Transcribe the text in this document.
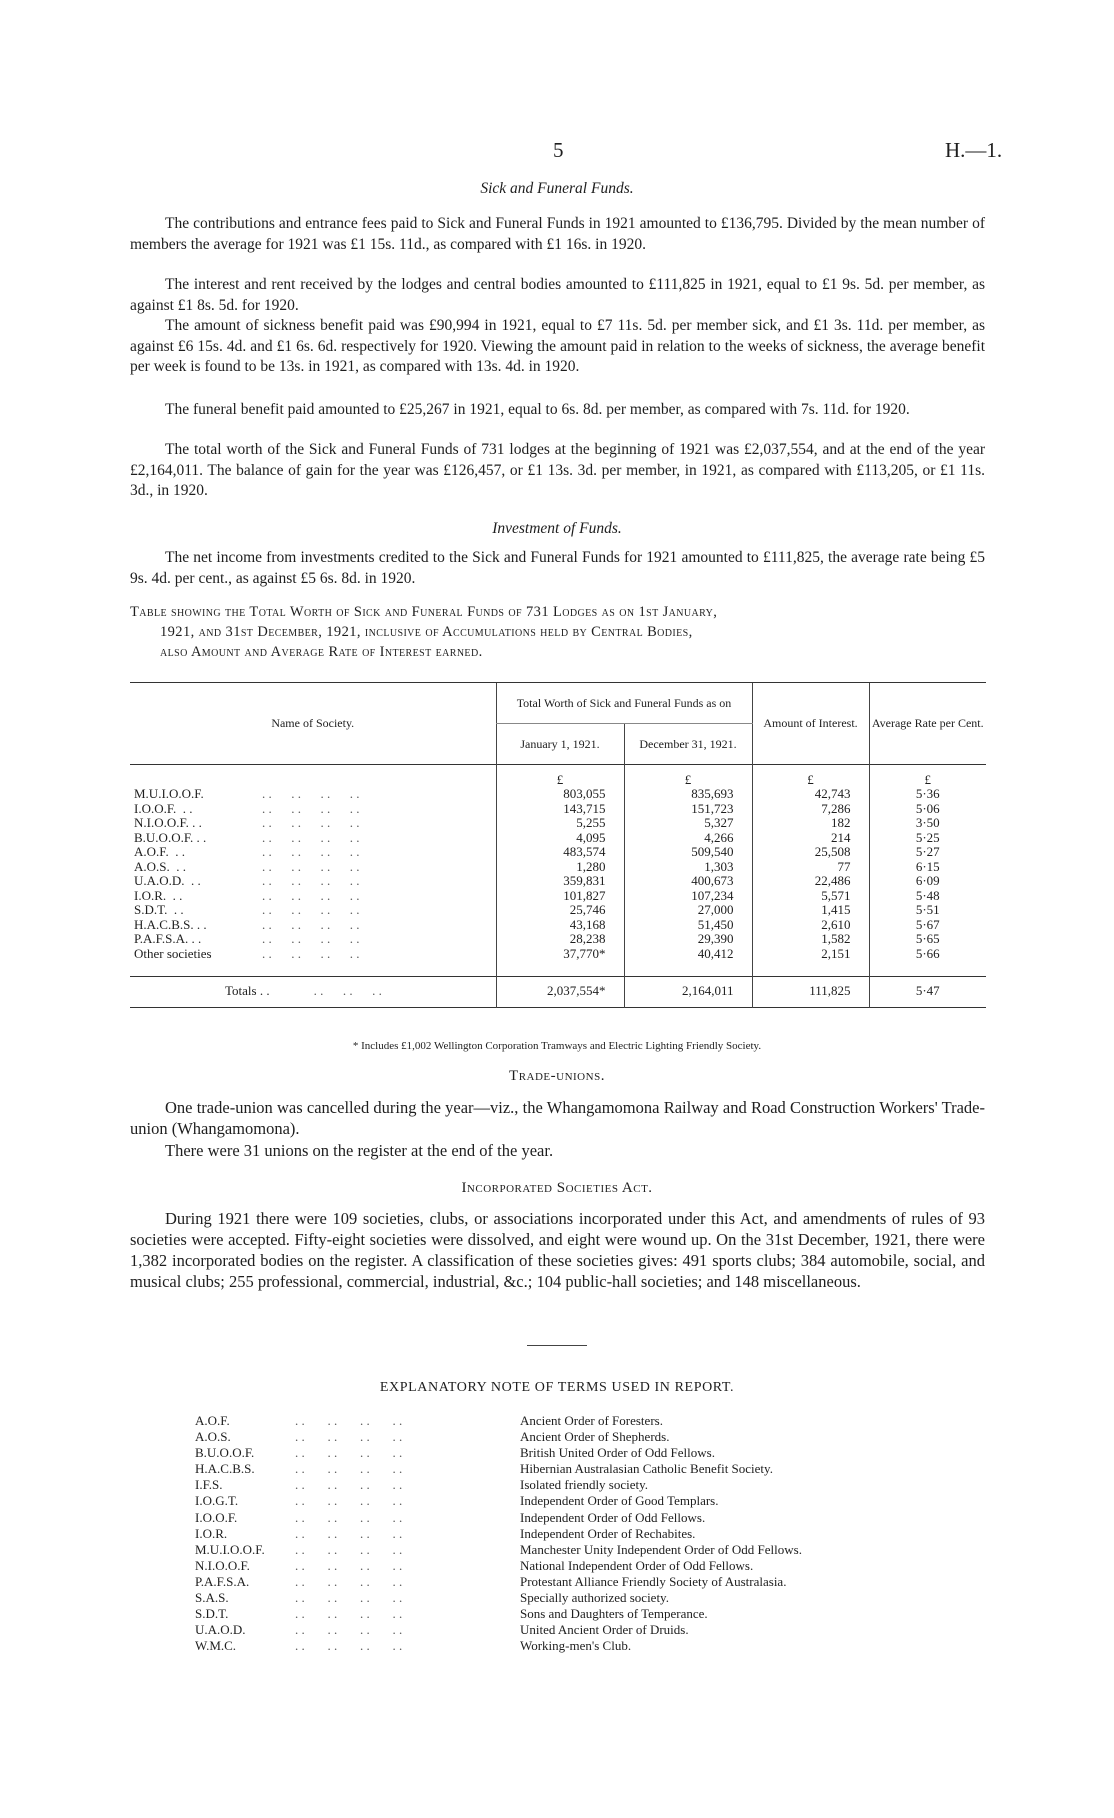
5	H.—1.
Sick and Funeral Funds.

The contributions and entrance fees paid to Sick and Funeral Funds in 1921 amounted to £136,795. Divided by the mean number of members the average for 1921 was £1 15s. 11d., as compared with £1 16s. in 1920.

The interest and rent received by the lodges and central bodies amounted to £111,825 in 1921, equal to £1 9s. 5d. per member, as against £1 8s. 5d. for 1920.

The amount of sickness benefit paid was £90,994 in 1921, equal to £7 11s. 5d. per member sick, and £1 3s. 11d. per member, as against £6 15s. 4d. and £1 6s. 6d. respectively for 1920. Viewing the amount paid in relation to the weeks of sickness, the average benefit per week is found to be 13s. in 1921, as compared with 13s. 4d. in 1920.

The funeral benefit paid amounted to £25,267 in 1921, equal to 6s. 8d. per member, as compared with 7s. 11d. for 1920.

The total worth of the Sick and Funeral Funds of 731 lodges at the beginning of 1921 was £2,037,554, and at the end of the year £2,164,011. The balance of gain for the year was £126,457, or £1 13s. 3d. per member, in 1921, as compared with £113,205, or £1 11s. 3d., in 1920.

Investment of Funds.

The net income from investments credited to the Sick and Funeral Funds for 1921 amounted to £111,825, the average rate being £5 9s. 4d. per cent., as against £5 6s. 8d. in 1920.

Table showing the Total Worth of Sick and Funeral Funds of 731 Lodges as on 1st January,
1921, and 31st December, 1921, inclusive of Accumulations held by Central Bodies,
also Amount and Average Rate of Interest earned.
Name of Society.	Total Worth of Sick and Funeral Funds as on		Amount of Interest.	Average Rate per Cent.
	January 1, 1921.	December 31, 1921.		
	£	£	£	£
M.U.I.O.O.F. . .      . .      . .      . .	803,055	835,693	42,743	5·36
I.O.O.F.  . . . .      . .      . .      . .	143,715	151,723	7,286	5·06
N.I.O.O.F. . . . .      . .      . .      . .	5,255	5,327	182	3·50
B.U.O.O.F. . . . .      . .      . .      . .	4,095	4,266	214	5·25
A.O.F.  . . . .      . .      . .      . .	483,574	509,540	25,508	5·27
A.O.S.  . . . .      . .      . .      . .	1,280	1,303	77	6·15
U.A.O.D.  . . . .      . .      . .      . .	359,831	400,673	22,486	6·09
I.O.R.  . . . .      . .      . .      . .	101,827	107,234	5,571	5·48
S.D.T.  . . . .      . .      . .      . .	25,746	27,000	1,415	5·51
H.A.C.B.S. . . . .      . .      . .      . .	43,168	51,450	2,610	5·67
P.A.F.S.A. . . . .      . .      . .      . .	28,238	29,390	1,582	5·65
Other societies . .      . .      . .      . .	37,770*	40,412	2,151	5·66

Totals . . . .      . .      . .	2,037,554*	2,164,011	111,825	5·47

* Includes £1,002 Wellington Corporation Tramways and Electric Lighting Friendly Society.
Trade-unions.

One trade-union was cancelled during the year—viz., the Whangamomona Railway and Road Construction Workers' Trade-union (Whangamomona).

There were 31 unions on the register at the end of the year.

Incorporated Societies Act.

During 1921 there were 109 societies, clubs, or associations incorporated under this Act, and amendments of rules of 93 societies were accepted. Fifty-eight societies were dissolved, and eight were wound up. On the 31st December, 1921, there were 1,382 incorporated bodies on the register. A classification of these societies gives: 491 sports clubs; 384 automobile, social, and musical clubs; 255 professional, commercial, industrial, &c.; 104 public-hall societies; and 148 miscellaneous.

EXPLANATORY NOTE OF TERMS USED IN REPORT.
A.O.F.	. .       . .       . .       . .	Ancient Order of Foresters.
A.O.S.	. .       . .       . .       . .	Ancient Order of Shepherds.
B.U.O.O.F.	. .       . .       . .       . .	British United Order of Odd Fellows.
H.A.C.B.S.	. .       . .       . .       . .	Hibernian Australasian Catholic Benefit Society.
I.F.S.	. .       . .       . .       . .	Isolated friendly society.
I.O.G.T.	. .       . .       . .       . .	Independent Order of Good Templars.
I.O.O.F.	. .       . .       . .       . .	Independent Order of Odd Fellows.
I.O.R.	. .       . .       . .       . .	Independent Order of Rechabites.
M.U.I.O.O.F.	. .       . .       . .       . .	Manchester Unity Independent Order of Odd Fellows.
N.I.O.O.F.	. .       . .       . .       . .	National Independent Order of Odd Fellows.
P.A.F.S.A.	. .       . .       . .       . .	Protestant Alliance Friendly Society of Australasia.
S.A.S.	. .       . .       . .       . .	Specially authorized society.
S.D.T.	. .       . .       . .       . .	Sons and Daughters of Temperance.
U.A.O.D.	. .       . .       . .       . .	United Ancient Order of Druids.
W.M.C.	. .       . .       . .       . .	Working-men's Club.
